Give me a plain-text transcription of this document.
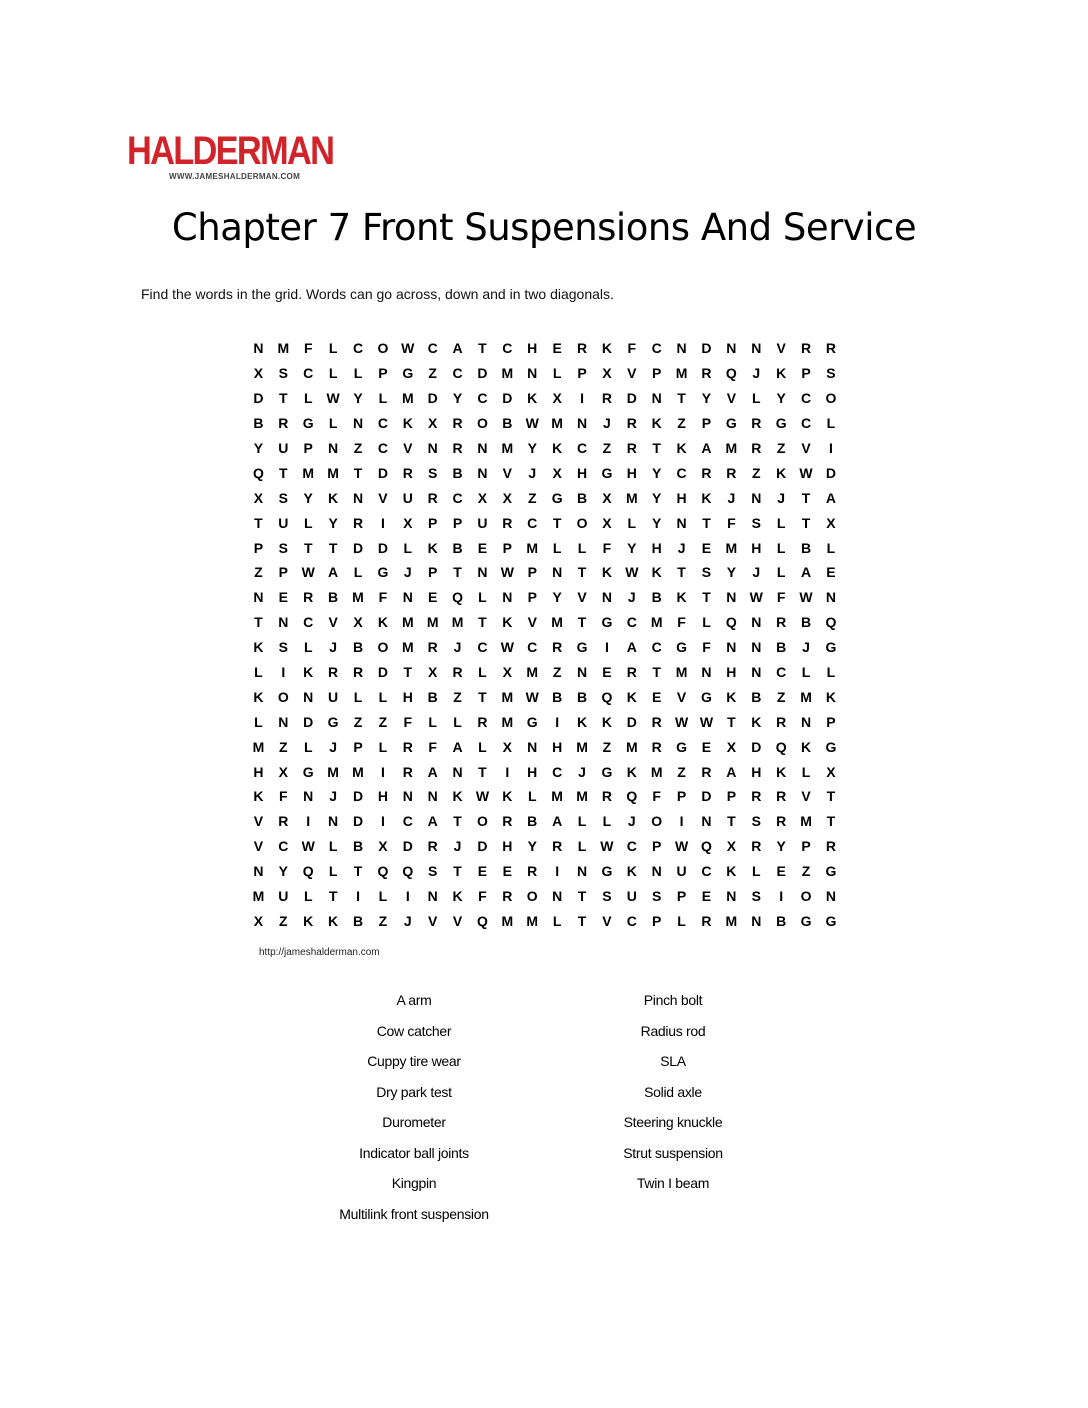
HALDERMAN
WWW.JAMESHALDERMAN.COM
Chapter 7 Front Suspensions And Service
Find the words in the grid. Words can go across, down and in two diagonals.
N	M	F	L	C	O W C	A	T	C	H	E	R	K	F	C	N	D	N	N	V	R	R
X	S	C	L	L	P	G	Z	C	D	M N	L	P	X	V	P	M R	Q	J	K	P	S
D	T	L	W Y	L	M D	Y	C	D	K	X	I	R	D	N	T	Y	V	L	Y	C	O
B	R	G	L	N	C	K	X	R	O	B W M N	J	R	K	Z	P	G	R	G	C	L
Y	U	P	N	Z	C	V	N	R	N	M	Y	K	C	Z	R	T	K	A	M R	Z	V	I
Q	T	M M	T	D	R	S	B	N	V	J	X	H	G	H	Y	C	R	R	Z	K W D
X	S	Y	K	N	V	U	R	C	X	X	Z	G	B	X	M	Y	H	K	J	N	J	T	A
T	U	L	Y	R	I	X	P	P	U	R	C	T	O	X	L	Y	N	T	F	S	L	T	X
P	S	T	T	D	D	L	K	B	E	P	M	L	L	F	Y	H	J	E	M H	L	B	L
Z	P W A	L	G	J	P	T	N W P	N	T	K W K	T	S	Y	J	L	A	E
N	E	R	B	M	F	N	E	Q	L	N	P	Y	V	N	J	B	K	T	N W	F	W N
T	N	C	V	X	K	M M M	T	K	V	M	T	G	C	M	F	L	Q	N	R	B	Q
K	S	L	J	B	O M R	J	C W C	R	G	I	A	C	G	F	N	N	B	J	G
L	I	K	R	R	D	T	X	R	L	X	M	Z	N	E	R	T	M N	H	N	C	L	L
K	O	N	U	L	L	H	B	Z	T	M W B	B	Q	K	E	V	G	K	B	Z	M K
L	N	D	G	Z	Z	F	L	L	R	M G	I	K	K	D	R W W	T	K	R	N	P
M	Z	L	J	P	L	R	F	A	L	X	N	H	M	Z	M R	G	E	X	D	Q	K	G
H	X	G M M	I	R	A	N	T	I	H	C	J	G	K	M	Z	R	A	H	K	L	X
K	F	N	J	D	H	N	N	K W K	L	M M R	Q	F	P	D	P	R	R	V	T
V	R	I	N	D	I	C	A	T	O	R	B	A	L	L	J	O	I	N	T	S	R	M	T
V	C W	L	B	X	D	R	J	D	H	Y	R	L	W C	P W Q	X	R	Y	P	R
N	Y	Q	L	T	Q	Q	S	T	E	E	R	I	N	G	K	N	U	C	K	L	E	Z	G
M U	L	T	I	L	I	N	K	F	R	O	N	T	S	U	S	P	E	N	S	I	O	N
X	Z	K	K	B	Z	J	V	V	Q M M	L	T	V	C	P	L	R	M N	B	G	G
http://jameshalderman.com
A arm
Cow catcher
Cuppy tire wear
Dry park test
Durometer
Indicator ball joints
Kingpin
Multilink front suspension
Pinch bolt
Radius rod
SLA
Solid axle
Steering knuckle
Strut suspension
Twin I beam
